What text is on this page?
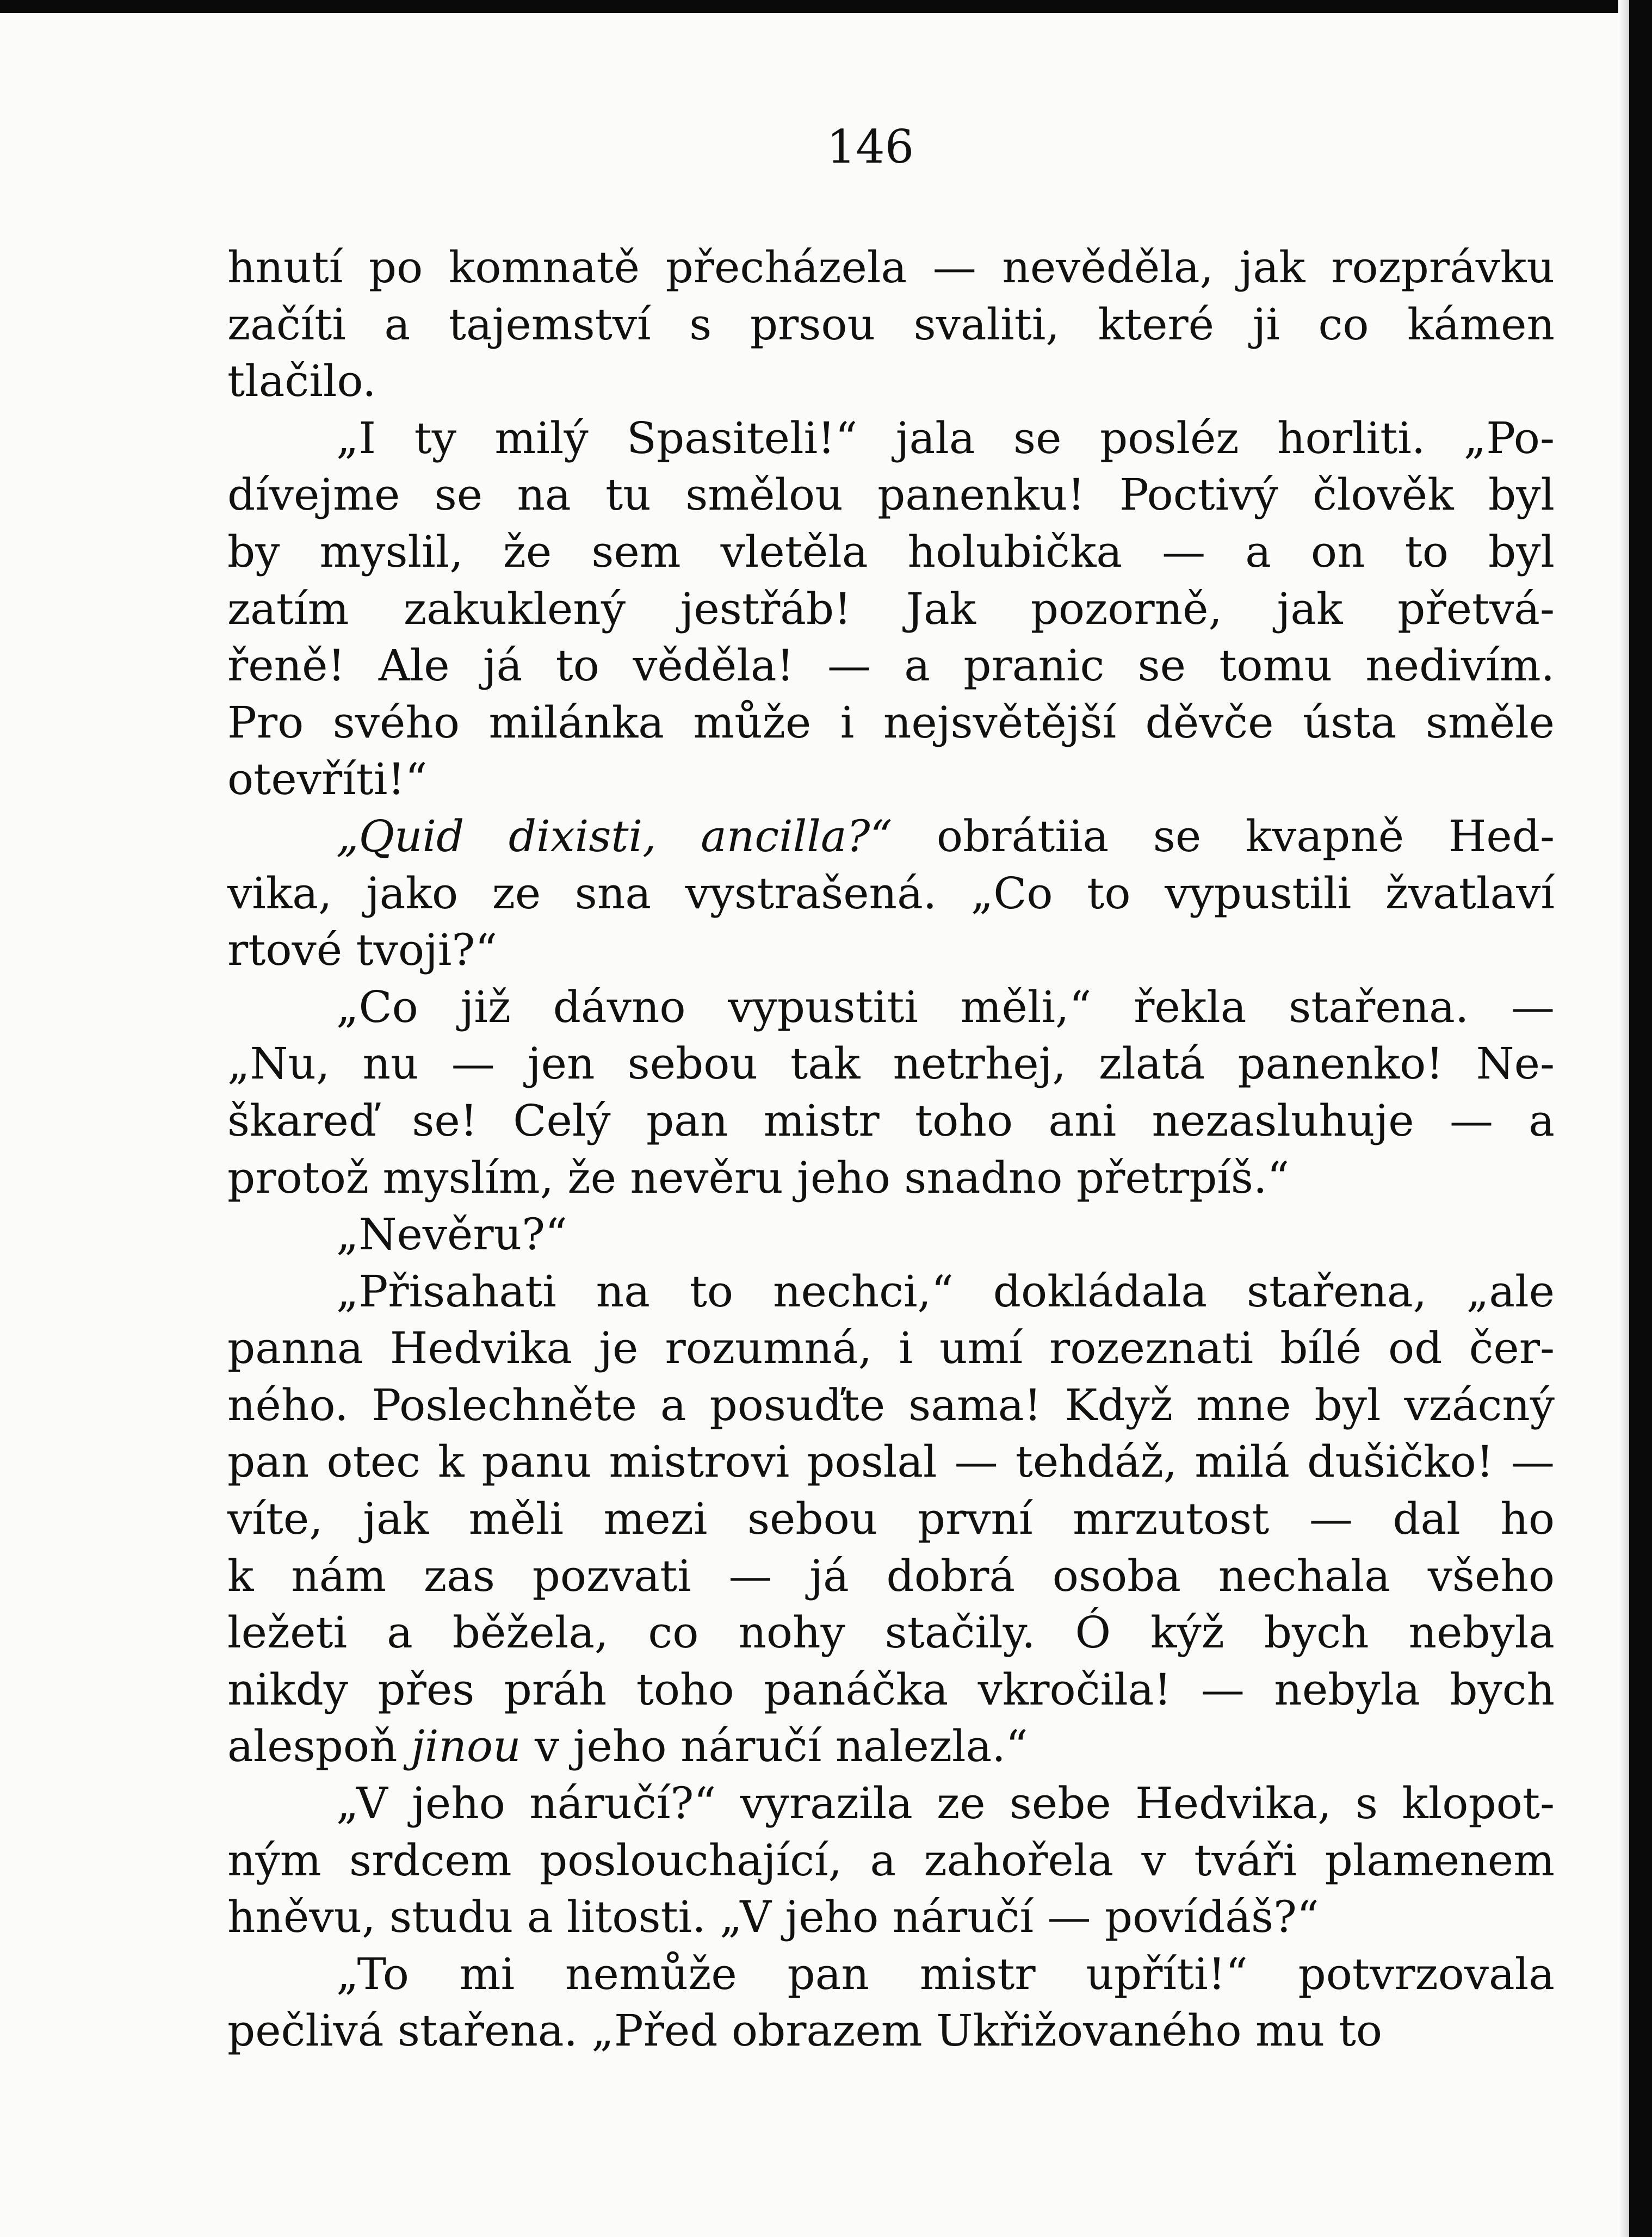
146
hnutí po komnatě přecházela — nevěděla, jak rozprávku
začíti a tajemství s prsou svaliti, které ji co kámen
tlačilo.
„I ty milý Spasiteli!“ jala se posléz horliti. „Po-
dívejme se na tu smělou panenku! Poctivý člověk byl
by myslil, že sem vletěla holubička — a on to byl
zatím zakuklený jestřáb! Jak pozorně, jak přetvá-
řeně! Ale já to věděla! — a pranic se tomu nedivím.
Pro svého milánka může i nejsvětější děvče ústa směle
otevříti!“
„Quid dixisti, ancilla?“ obrátiia se kvapně Hed-
vika, jako ze sna vystrašená. „Co to vypustili žvatlaví
rtové tvoji?“
„Co již dávno vypustiti měli,“ řekla stařena. —
„Nu, nu — jen sebou tak netrhej, zlatá panenko! Ne-
škareď se! Celý pan mistr toho ani nezasluhuje — a
protož myslím, že nevěru jeho snadno přetrpíš.“
„Nevěru?“
„Přisahati na to nechci,“ dokládala stařena, „ale
panna Hedvika je rozumná, i umí rozeznati bílé od čer-
ného. Poslechněte a posuďte sama! Když mne byl vzácný
pan otec k panu mistrovi poslal — tehdáž, milá dušičko! —
víte, jak měli mezi sebou první mrzutost — dal ho
k nám zas pozvati — já dobrá osoba nechala všeho
ležeti a běžela, co nohy stačily. Ó kýž bych nebyla
nikdy přes práh toho panáčka vkročila! — nebyla bych
alespoň jinou v jeho náručí nalezla.“
„V jeho náručí?“ vyrazila ze sebe Hedvika, s klopot-
ným srdcem poslouchající, a zahořela v tváři plamenem
hněvu, studu a litosti. „V jeho náručí — povídáš?“
„To mi nemůže pan mistr upříti!“ potvrzovala
pečlivá stařena. „Před obrazem Ukřižovaného mu to
